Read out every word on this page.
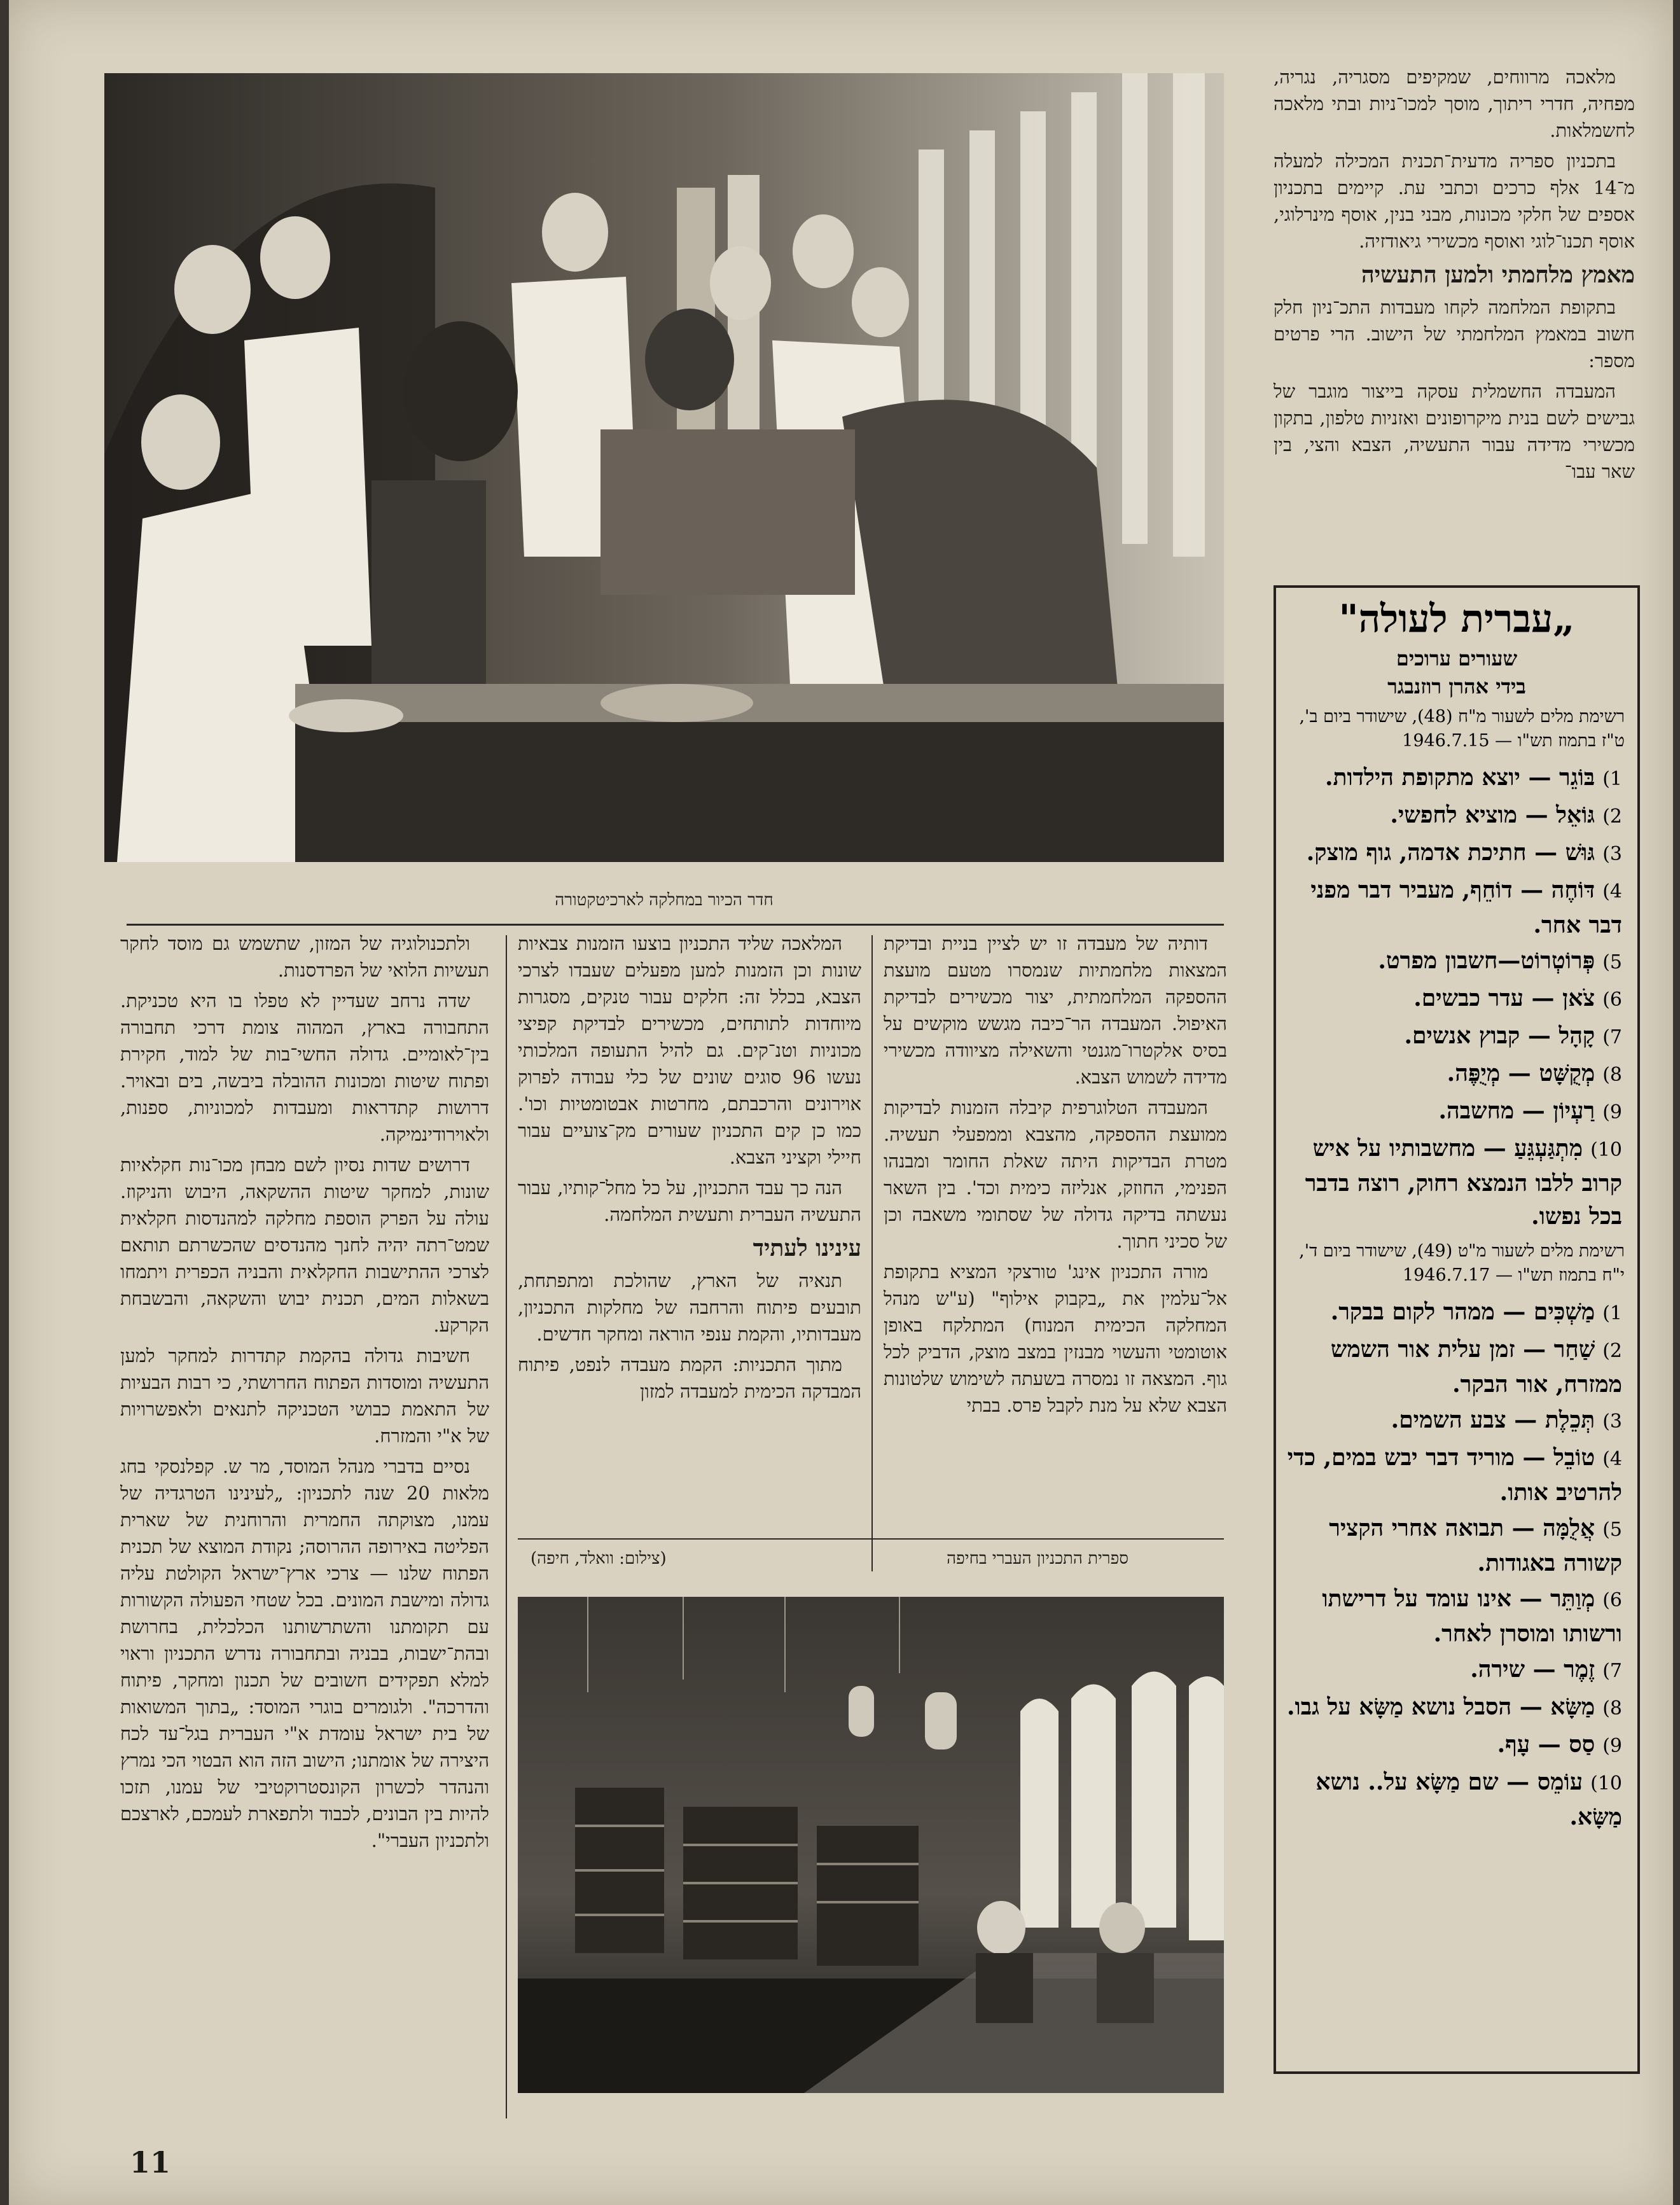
מלאכה מרווחים, שמקיפים מסגריה, נגריה, מפחיה, חדרי ריתוך, מוסך למכו־ניות ובתי מלאכה לחשמלאות.

בתכניון ספריה מדעית־תכנית המכילה למעלה מ־14 אלף כרכים וכתבי עת. קיימים בתכניון אספים של חלקי מכונות, מבני בנין, אוסף מינרלוגי, אוסף תכנו־לוגי ואוסף מכשירי גיאודזיה.

מאמץ מלחמתי ולמען התעשיה

בתקופת המלחמה לקחו מעבדות התכ־ניון חלק חשוב במאמץ המלחמתי של הישוב. הרי פרטים מספר:

המעבדה החשמלית עסקה בייצור מוגבר של גבישים לשם בנית מיקרופונים ואזניות טלפון, בתקון מכשירי מדידה עבור התעשיה, הצבא והצי, בין שאר עבו־

חדר הכיור במחלקה לארכיטקטורה

דותיה של מעבדה זו יש לציין בניית ובדיקת המצאות מלחמתיות שנמסרו מטעם מועצת ההספקה המלחמתית, יצור מכשירים לבדיקת האיפול. המעבדה הר־כיבה מגשש מוקשים על בסיס אלקטרו־מגנטי והשאילה מציוודה מכשירי מדידה לשמוש הצבא.

המעבדה הטלוגרפית קיבלה הזמנות לבדיקות ממועצת ההספקה, מהצבא וממפעלי תעשיה. מטרת הבדיקות היתה שאלת החומר ומבנהו הפנימי, החוזק, אנליזה כימית וכד'. בין השאר נעשתה בדיקה גדולה של שסתומי משאבה וכן של סכיני חתוך.

מורה התכניון אינג' טורצקי המציא בתקופת אל־עלמין את „בקבוק אילוף" (ע"ש מנהל המחלקה הכימית המנוח) המתלקח באופן אוטומטי והעשוי מבנזין במצב מוצק, הדביק לכל גוף. המצאה זו נמסרה בשעתה לשימוש שלטונות הצבא שלא על מנת לקבל פרס. בבתי

המלאכה שליד התכניון בוצעו הזמנות צבאיות שונות וכן הזמנות למען מפעלים שעבדו לצרכי הצבא, בכלל זה: חלקים עבור טנקים, מסגרות מיוחדות לתותחים, מכשירים לבדיקת קפיצי מכוניות וטנ־קים. גם להיל התעופה המלכותי נעשו 96 סוגים שונים של כלי עבודה לפרוק אוירונים והרכבתם, מחרטות אבטומטיות וכו'. כמו כן קים התכניון שעורים מק־צועיים עבור חיילי וקציני הצבא.

הנה כך עבד התכניון, על כל מחל־קותיו, עבור התעשיה העברית ותעשית המלחמה.

עינינו לעתיד

תנאיה של הארץ, שהולכת ומתפתחת, תובעים פיתוח והרחבה של מחלקות התכניון, מעבדותיו, והקמת ענפי הוראה ומחקר חדשים.

מתוך התכניות: הקמת מעבדה לנפט, פיתוח המבדקה הכימית למעבדה למזון

ספרית התכניון העברי בחיפה
(צילום: וואלד, חיפה)

ולתכנולוגיה של המזון, שתשמש גם מוסד לחקר תעשיות הלואי של הפרדסנות.

שדה נרחב שעדיין לא טפלו בו היא טכניקת. התחבורה בארץ, המהוה צומת דרכי תחבורה בין־לאומיים. גדולה החשי־בות של למוד, חקירת ופתוח שיטות ומכונות ההובלה ביבשה, בים ובאויר. דרושות קתדראות ומעבדות למכוניות, ספנות, ולאוירודינמיקה.

דרושים שדות נסיון לשם מבחן מכו־נות חקלאיות שונות, למחקר שיטות ההשקאה, היבוש והניקוז. עולה על הפרק הוספת מחלקה למהנדסות חקלאית שמט־רתה יהיה לחנך מהנדסים שהכשרתם תותאם לצרכי ההתישבות החקלאית והבניה הכפרית ויתמחו בשאלות המים, תכנית יבוש והשקאה, והבשבחת הקרקע.

חשיבות גדולה בהקמת קתדרות למחקר למען התעשיה ומוסדות הפתוח החרושתי, כי רבות הבעיות של התאמת כבושי הטכניקה לתנאים ולאפשרויות של א"י והמזרח.

נסיים בדברי מנהל המוסד, מר ש. קפלנסקי בחג מלאות 20 שנה לתכניון: „לעינינו הטרגדיה של עמנו, מצוקתה החמרית והרוחנית של שארית הפליטה באירופה ההרוסה; נקודת המוצא של תכנית הפתוח שלנו — צרכי ארץ־ישראל הקולטת עליה גדולה ומישבת המונים. בכל שטחי הפעולה הקשורות עם תקומתנו והשתרשותנו הכלכלית, בחרושת ובהת־ישבות, בבניה ובתחבורה נדרש התכניון וראוי למלא תפקידים חשובים של תכנון ומחקר, פיתוח והדרכה". ולגומרים בוגרי המוסד: „בתוך המשואות של בית ישראל עומדת א"י העברית בגל־עד לכח היצירה של אומתנו; הישוב הזה הוא הבטוי הכי נמרץ והנהדר לכשרון הקונסטרוקטיבי של עמנו, תזכו להיות בין הבונים, לכבוד ולתפארת לעמכם, לארצכם ולתכניון העברי".

„עברית לעולה"
שעורים ערוכים
בידי אהרן רוזנבגר
רשימת מלים לשעור מ"ח (48), שישודר ביום ב', ט"ז בתמוז תש"ו — 1946.7.15
1)בּוֹגֵר — יוצא מתקופת הילדות.
2)גּוֹאֵל — מוציא לחפשי.
3)גּוּשׁ — חתיכת אדמה, גוף מוצק.
4)דּוֹחֶה — דוֹחֵף, מעביר דבר מפני דבר אחר.
5)פְּרוֹטְרוֹט—חשבון מפרט.
6)צֹאן — עדר כבשים.
7)קָהָל — קבוץ אנשים.
8)מְקֻשָּׁט — מְיֻפֶּה.
9)רַעְיוֹן — מחשבה.
10)מִתְגַּעְגֵּעַ — מחשבותיו על איש קרוב ללבו הנמצא רחוק, רוצה בדבר בכל נפשו.
רשימת מלים לשעור מ"ט (49), שישודר ביום ד', י"ח בתמוז תש"ו — 1946.7.17
1)מַשְׁכִּים — ממהר לקום בבקר.
2)שַׁחַר — זמן עלית אור השמש ממזרח, אור הבקר.
3)תְּכֵלֶת — צבע השמים.
4)טוֹבֵל — מוריד דבר יבש במים, כדי להרטיב אותו.
5)אֲלֻמָּה — תבואה אחרי הקציר קשורה באגודות.
6)מְוַתֵּר — אינו עומד על דרישתו ורשותו ומוסרן לאחר.
7)זֶמֶר — שירה.
8)מַשָּׂא — הסבל נושא מַשָּׂא על גבו.
9)סַס — עָף.
10)עוֹמֵס — שם מַשָּׂא על.. נושא מַשָּׂא.
11
